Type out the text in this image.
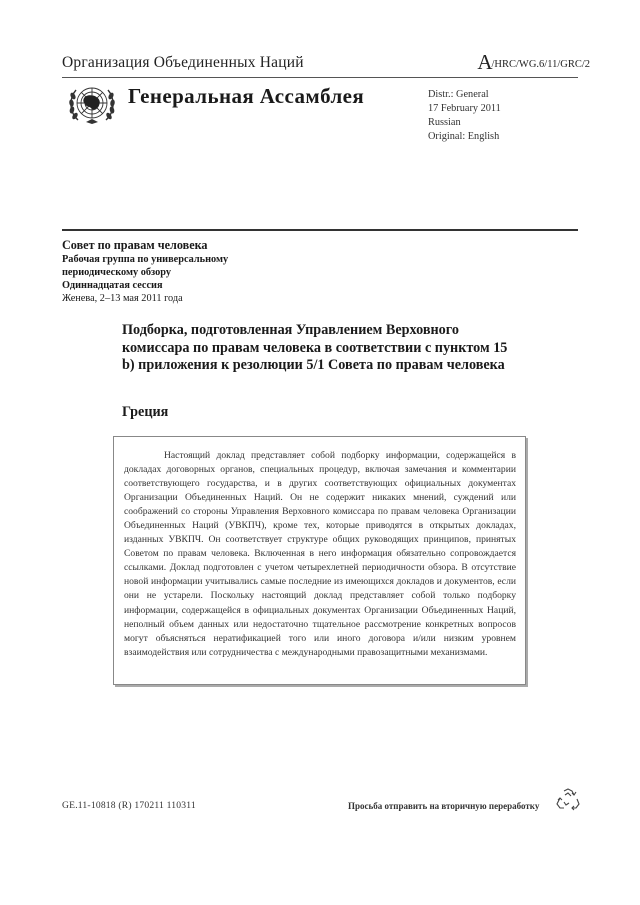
Организация Объединенных Наций	A/HRC/WG.6/11/GRC/2
Генеральная Ассамблея	Distr.: General
17 February 2011
Russian
Original: English
Совет по правам человека
Рабочая группа по универсальному
периодическому обзору
Одиннадцатая сессия
Женева, 2–13 мая 2011 года
Подборка, подготовленная Управлением Верховного комиссара по правам человека в соответствии с пунктом 15 b) приложения к резолюции 5/1 Совета по правам человека
Греция

Настоящий доклад представляет собой подборку информации, содержащейся в докладах договорных органов, специальных процедур, включая замечания и комментарии соответствующего государства, и в других соответствующих официальных документах Организации Объединенных Наций. Он не содержит никаких мнений, суждений или соображений со стороны Управления Верховного комиссара по правам человека Организации Объединенных Наций (УВКПЧ), кроме тех, которые приводятся в открытых докладах, изданных УВКПЧ. Он соответствует структуре общих руководящих принципов, принятых Советом по правам человека. Включенная в него информация обязательно сопровождается ссылками. Доклад подготовлен с учетом четырехлетней периодичности обзора. В отсутствие новой информации учитывались самые последние из имеющихся докладов и документов, если они не устарели. Поскольку настоящий доклад представляет собой только подборку информации, содержащейся в официальных документах Организации Объединенных Наций, неполный объем данных или недостаточно тщательное рассмотрение конкретных вопросов могут объясняться нератификацией того или иного договора и/или низким уровнем взаимодействия или сотрудничества с международными правозащитными механизмами.

GE.11-10818 (R) 170211 110311	Просьба отправить на вторичную переработку
